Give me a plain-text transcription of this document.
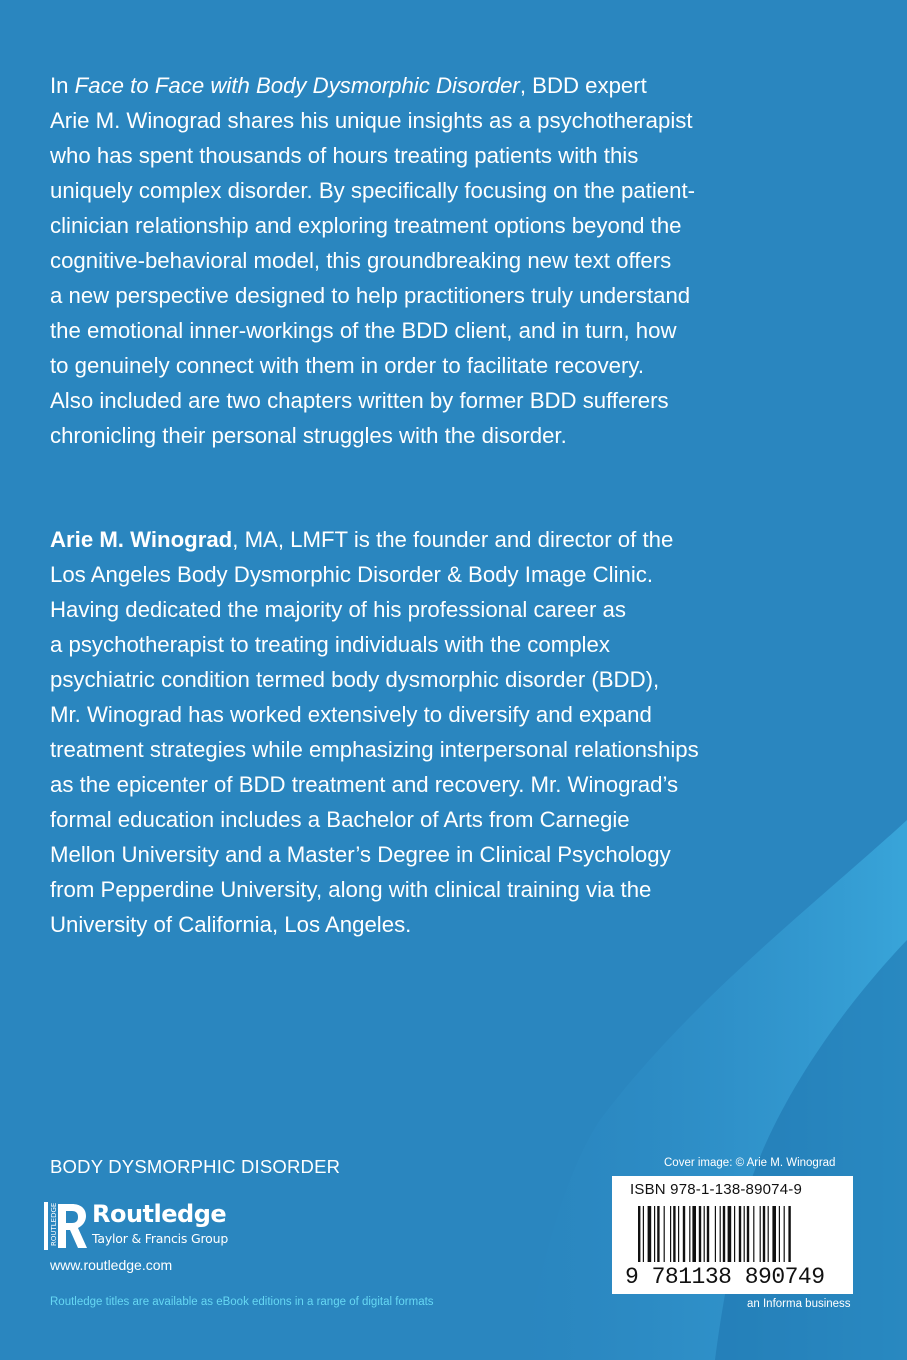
In Face to Face with Body Dysmorphic Disorder, BDD expert
Arie M. Winograd shares his unique insights as a psychotherapist
who has spent thousands of hours treating patients with this
uniquely complex disorder. By specifically focusing on the patient-
clinician relationship and exploring treatment options beyond the
cognitive-behavioral model, this groundbreaking new text offers
a new perspective designed to help practitioners truly understand
the emotional inner-workings of the BDD client, and in turn, how
to genuinely connect with them in order to facilitate recovery.
Also included are two chapters written by former BDD sufferers
chronicling their personal struggles with the disorder.
Arie M. Winograd, MA, LMFT is the founder and director of the
Los Angeles Body Dysmorphic Disorder & Body Image Clinic.
Having dedicated the majority of his professional career as
a psychotherapist to treating individuals with the complex
psychiatric condition termed body dysmorphic disorder (BDD),
Mr. Winograd has worked extensively to diversify and expand
treatment strategies while emphasizing interpersonal relationships
as the epicenter of BDD treatment and recovery. Mr. Winograd’s
formal education includes a Bachelor of Arts from Carnegie
Mellon University and a Master’s Degree in Clinical Psychology
from Pepperdine University, along with clinical training via the
University of California, Los Angeles.
BODY DYSMORPHIC DISORDER
ROUTLEDGE Routledge
Taylor & Francis Group
www.routledge.com
Routledge titles are available as eBook editions in a range of digital formats
Cover image: © Arie M. Winograd
ISBN 978-1-138-89074-9
9 781138 890749
an Informa business
